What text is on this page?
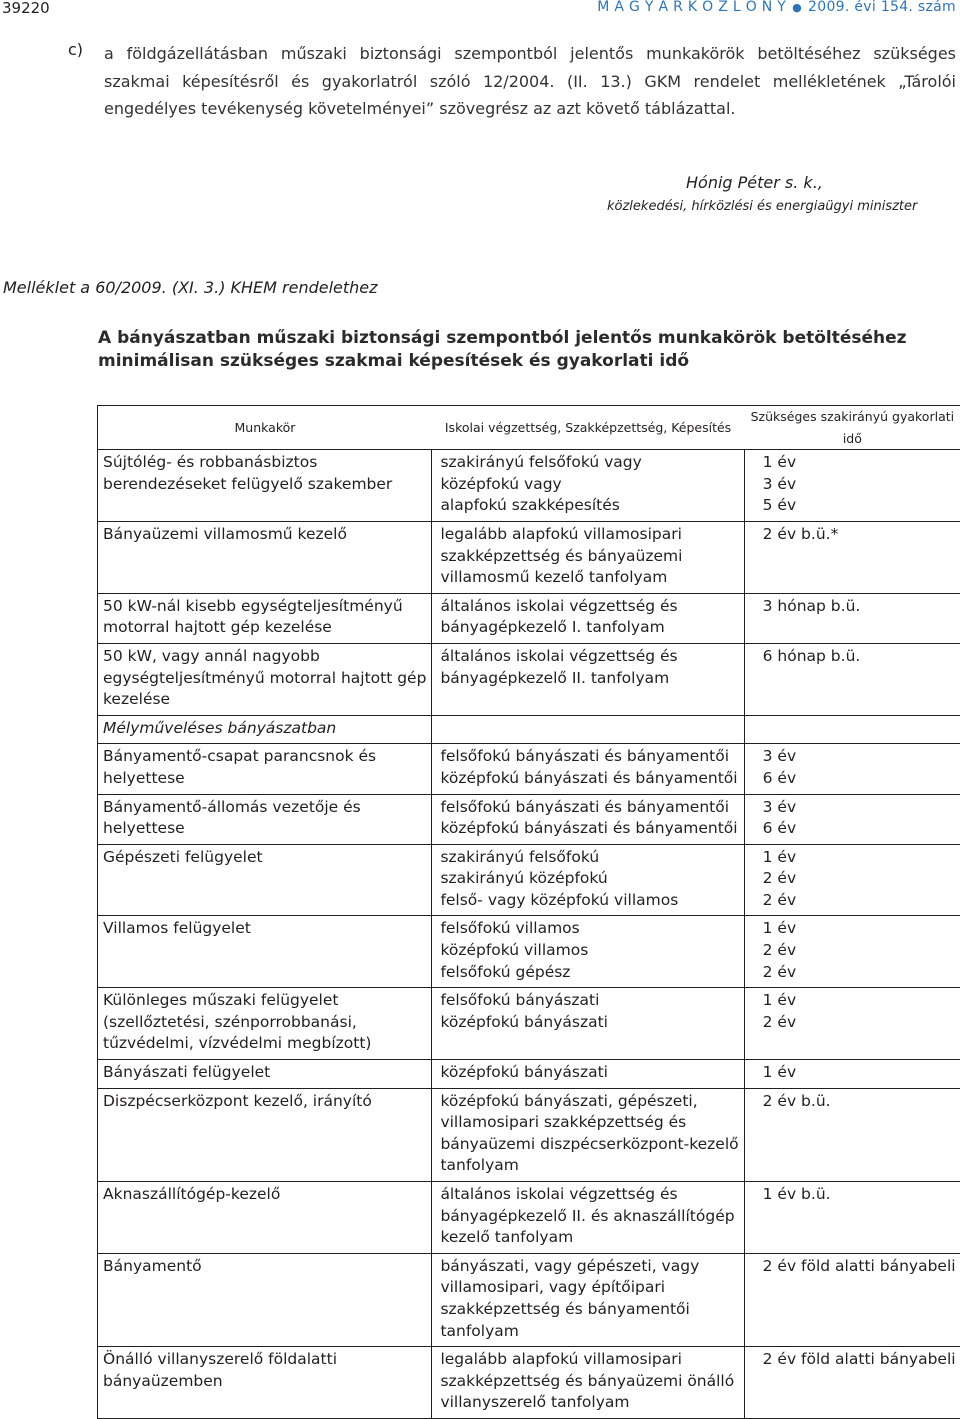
39220	M A G Y A R K Ö Z L Ö N Y ● 2009. évi 154. szám
c) a földgázellátásban műszaki biztonsági szempontból jelentős munkakörök betöltéséhez szükséges szakmai képesítésről és gyakorlatról szóló 12/2004. (II. 13.) GKM rendelet mellékletének „Tárolói engedélyes tevékenység követelményei” szövegrész az azt követő táblázattal.
Hónig Péter s. k.,
közlekedési, hírközlési és energiaügyi miniszter
Melléklet a 60/2009. (XI. 3.) KHEM rendelethez
A bányászatban műszaki biztonsági szempontból jelentős munkakörök betöltéséhez minimálisan szükséges szakmai képesítések és gyakorlati idő
Munkakör	Iskolai végzettség, Szakképzettség, Képesítés	Szükséges szakirányú gyakorlati idő

Sújtólég- és robbanásbiztos
berendezéseket felügyelő szakember	szakirányú felsőfokú vagy
középfokú vagy
alapfokú szakképesítés	1 év
3 év
5 év

Bányaüzemi villamosmű kezelő	legalább alapfokú villamosipari
szakképzettség és bányaüzemi
villamosmű kezelő tanfolyam	2 év b.ü.*

50 kW-nál kisebb egységteljesítményű
motorral hajtott gép kezelése	általános iskolai végzettség és
bányagépkezelő I. tanfolyam	3 hónap b.ü.

50 kW, vagy annál nagyobb
egységteljesítményű motorral hajtott gép
kezelése	általános iskolai végzettség és
bányagépkezelő II. tanfolyam	6 hónap b.ü.

Mélyműveléses bányászatban		

Bányamentő-csapat parancsnok és
helyettese	felsőfokú bányászati és bányamentői
középfokú bányászati és bányamentői	3 év
6 év

Bányamentő-állomás vezetője és
helyettese	felsőfokú bányászati és bányamentői
középfokú bányászati és bányamentői	3 év
6 év

Gépészeti felügyelet	szakirányú felsőfokú
szakirányú középfokú
felső- vagy középfokú villamos	1 év
2 év
2 év

Villamos felügyelet	felsőfokú villamos
középfokú villamos
felsőfokú gépész	1 év
2 év
2 év

Különleges műszaki felügyelet
(szellőztetési, szénporrobbanási,
tűzvédelmi, vízvédelmi megbízott)	felsőfokú bányászati
középfokú bányászati	1 év
2 év

Bányászati felügyelet	középfokú bányászati	1 év

Diszpécserközpont kezelő, irányító	középfokú bányászati, gépészeti,
villamosipari szakképzettség és
bányaüzemi diszpécserközpont-kezelő
tanfolyam	2 év b.ü.

Aknaszállítógép-kezelő	általános iskolai végzettség és
bányagépkezelő II. és aknaszállítógép
kezelő tanfolyam	1 év b.ü.

Bányamentő	bányászati, vagy gépészeti, vagy
villamosipari, vagy építőipari
szakképzettség és bányamentői
tanfolyam	2 év föld alatti bányabeli

Önálló villanyszerelő földalatti
bányaüzemben	legalább alapfokú villamosipari
szakképzettség és bányaüzemi önálló
villanyszerelő tanfolyam	2 év föld alatti bányabeli
